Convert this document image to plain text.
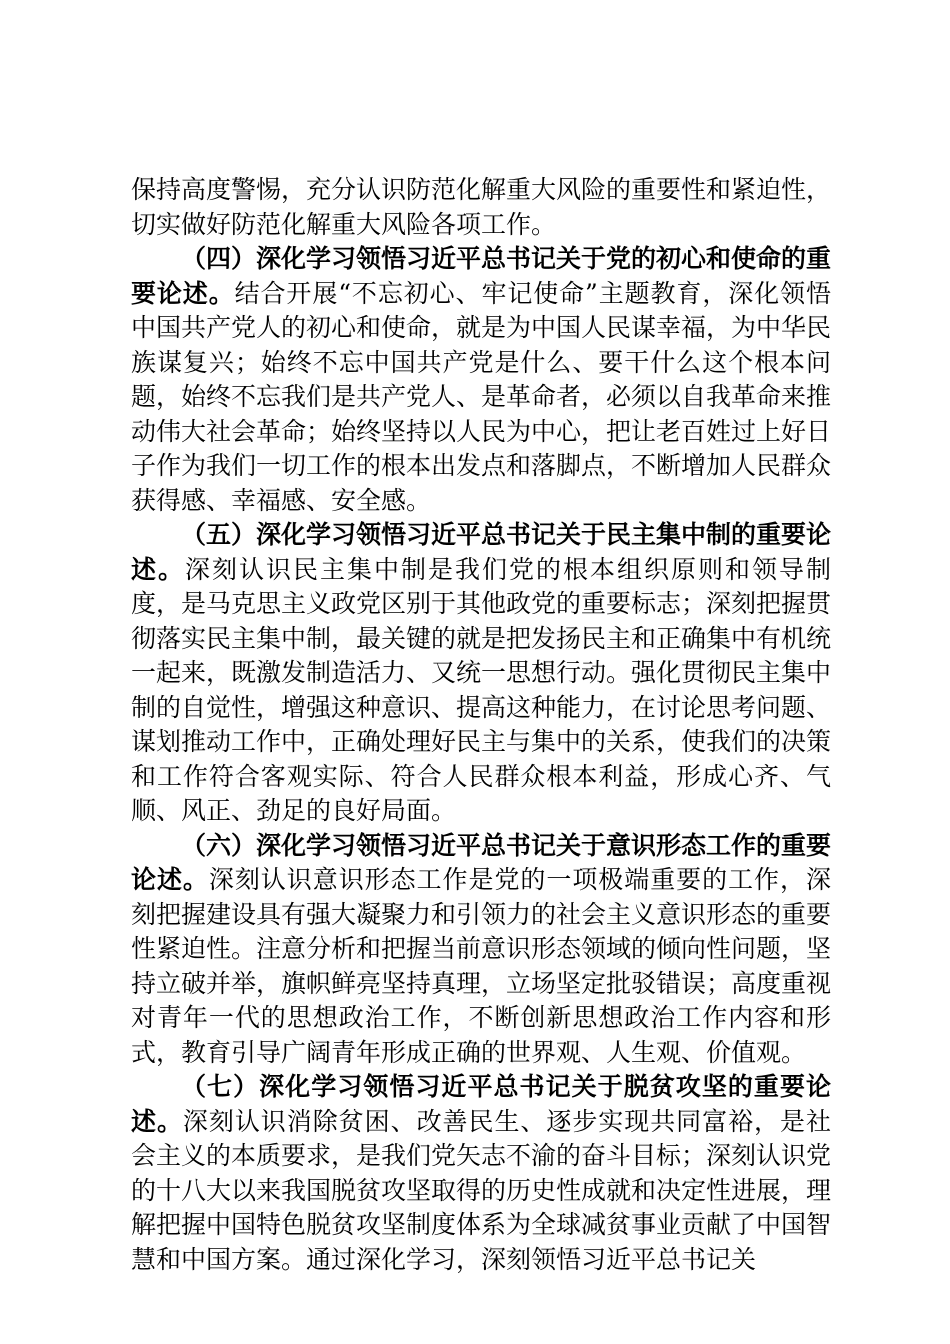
保持高度警惕，充分认识防范化解重大风险的重要性和紧迫性，切实做好防范化解重大风险各项工作。

（四）深化学习领悟习近平总书记关于党的初心和使命的重要论述。结合开展“不忘初心、牢记使命”主题教育，深化领悟中国共产党人的初心和使命，就是为中国人民谋幸福，为中华民族谋复兴；始终不忘中国共产党是什么、要干什么这个根本问题，始终不忘我们是共产党人、是革命者，必须以自我革命来推动伟大社会革命；始终坚持以人民为中心，把让老百姓过上好日子作为我们一切工作的根本出发点和落脚点，不断增加人民群众获得感、幸福感、安全感。

（五）深化学习领悟习近平总书记关于民主集中制的重要论述。深刻认识民主集中制是我们党的根本组织原则和领导制度，是马克思主义政党区别于其他政党的重要标志；深刻把握贯彻落实民主集中制，最关键的就是把发扬民主和正确集中有机统一起来，既激发制造活力、又统一思想行动。强化贯彻民主集中制的自觉性，增强这种意识、提高这种能力，在讨论思考问题、谋划推动工作中，正确处理好民主与集中的关系，使我们的决策和工作符合客观实际、符合人民群众根本利益，形成心齐、气顺、风正、劲足的良好局面。

（六）深化学习领悟习近平总书记关于意识形态工作的重要论述。深刻认识意识形态工作是党的一项极端重要的工作，深刻把握建设具有强大凝聚力和引领力的社会主义意识形态的重要性紧迫性。注意分析和把握当前意识形态领域的倾向性问题，坚持立破并举，旗帜鲜亮坚持真理，立场坚定批驳错误；高度重视对青年一代的思想政治工作，不断创新思想政治工作内容和形式，教育引导广阔青年形成正确的世界观、人生观、价值观。

（七）深化学习领悟习近平总书记关于脱贫攻坚的重要论述。深刻认识消除贫困、改善民生、逐步实现共同富裕，是社会主义的本质要求，是我们党矢志不渝的奋斗目标；深刻认识党的十八大以来我国脱贫攻坚取得的历史性成就和决定性进展，理解把握中国特色脱贫攻坚制度体系为全球减贫事业贡献了中国智慧和中国方案。通过深化学习，深刻领悟习近平总书记关
